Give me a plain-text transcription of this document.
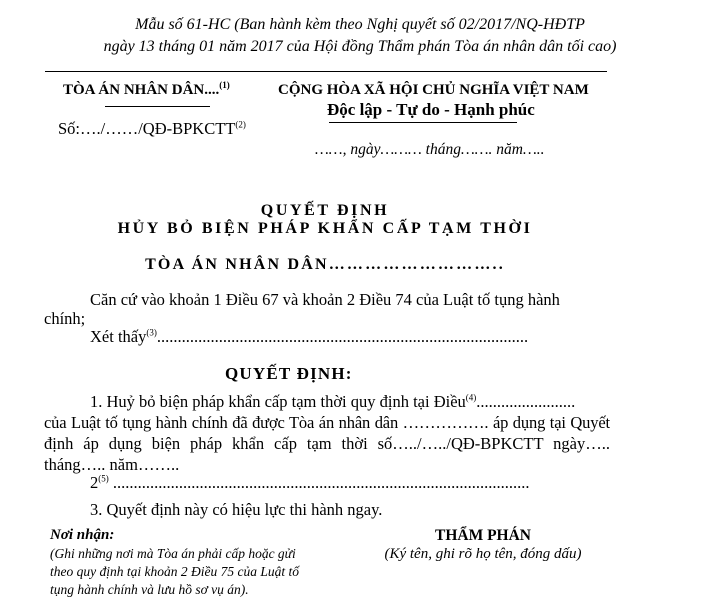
Mẫu số 61-HC (Ban hành kèm theo Nghị quyết số 02/2017/NQ-HĐTP
ngày 13 tháng 01 năm 2017 của Hội đồng Thẩm phán Tòa án nhân dân tối cao)
TÒA ÁN NHÂN DÂN....$^{(1)}$
Số:…./……/QĐ-BPKCTT$^{(2)}$
CỘNG HÒA XÃ HỘI CHỦ NGHĨA VIỆT NAM
Độc lập - Tự do - Hạnh phúc
……, ngày……… tháng……. năm…..
QUYẾT ĐỊNH
HỦY BỎ BIỆN PHÁP KHẨN CẤP TẠM THỜI
TÒA ÁN NHÂN DÂN………………………..
Căn cứ vào khoản 1 Điều 67 và khoản 2 Điều 74 của Luật tố tụng hành
chính;
Xét thấy$^{(3)}$..........................................................................................
QUYẾT ĐỊNH:
1. Huỷ bỏ biện pháp khẩn cấp tạm thời quy định tại Điều$^{(4)}$........................
của Luật tố tụng hành chính đã được Tòa án nhân dân ……………. áp dụng tại Quyết
định áp dụng biện pháp khẩn cấp tạm thời số…../…../QĐ-BPKCTT ngày…..
tháng….. năm……..
2$^{(5)}$ .....................................................................................................
3. Quyết định này có hiệu lực thi hành ngay.
Nơi nhận:
(Ghi những nơi mà Tòa án phải cấp hoặc gửi
theo quy định tại khoản 2 Điều 75 của Luật tố
tụng hành chính và lưu hồ sơ vụ án).
THẨM PHÁN
(Ký tên, ghi rõ họ tên, đóng dấu)
